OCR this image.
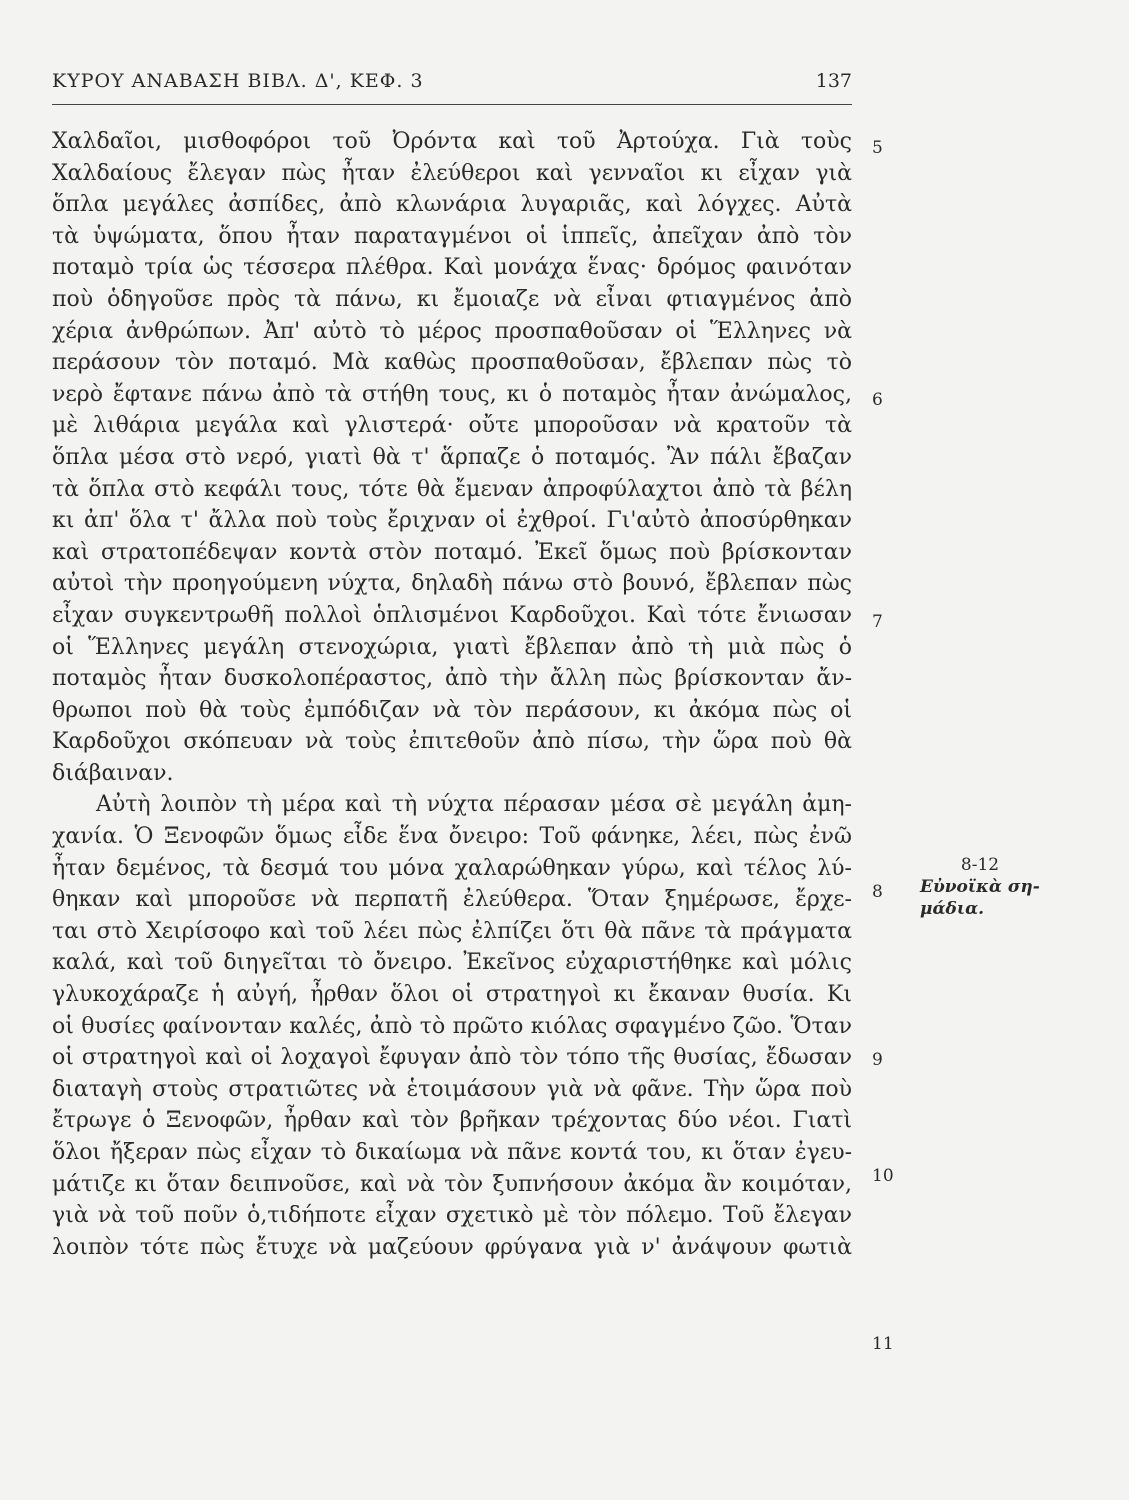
ΚΥΡΟΥ ΑΝΑΒΑΣΗ ΒΙΒΛ. Δ', ΚΕΦ. 3	137
Χαλδαῖοι, μισθοφόροι τοῦ Ὀρόντα καὶ τοῦ Ἀρτούχα. Γιὰ τοὺς
Χαλδαίους ἔλεγαν πὼς ἦταν ἐλεύθεροι καὶ γενναῖοι κι εἶχαν γιὰ
ὅπλα μεγάλες ἀσπίδες, ἀπὸ κλωνάρια λυγαριᾶς, καὶ λόγχες. Αὐτὰ
τὰ ὑψώματα, ὅπου ἦταν παραταγμένοι οἱ ἱππεῖς, ἀπεῖχαν ἀπὸ τὸν
ποταμὸ τρία ὡς τέσσερα πλέθρα. Καὶ μονάχα ἕνας· δρόμος φαινόταν
ποὺ ὁδηγοῦσε πρὸς τὰ πάνω, κι ἔμοιαζε νὰ εἶναι φτιαγμένος ἀπὸ
χέρια ἀνθρώπων. Ἀπ' αὐτὸ τὸ μέρος προσπαθοῦσαν οἱ Ἕλληνες νὰ
περάσουν τὸν ποταμό. Μὰ καθὼς προσπαθοῦσαν, ἔβλεπαν πὼς τὸ
νερὸ ἔφτανε πάνω ἀπὸ τὰ στήθη τους, κι ὁ ποταμὸς ἦταν ἀνώμαλος,
μὲ λιθάρια μεγάλα καὶ γλιστερά· οὔτε μποροῦσαν νὰ κρατοῦν τὰ
ὅπλα μέσα στὸ νερό, γιατὶ θὰ τ' ἅρπαζε ὁ ποταμός. Ἂν πάλι ἔβαζαν
τὰ ὅπλα στὸ κεφάλι τους, τότε θὰ ἔμεναν ἀπροφύλαχτοι ἀπὸ τὰ βέλη
κι ἀπ' ὅλα τ' ἄλλα ποὺ τοὺς ἔριχναν οἱ ἐχθροί. Γι'αὐτὸ ἀποσύρθηκαν
καὶ στρατοπέδεψαν κοντὰ στὸν ποταμό. Ἐκεῖ ὅμως ποὺ βρίσκονταν
αὐτοὶ τὴν προηγούμενη νύχτα, δηλαδὴ πάνω στὸ βουνό, ἔβλεπαν πὼς
εἶχαν συγκεντρωθῆ πολλοὶ ὁπλισμένοι Καρδοῦχοι. Καὶ τότε ἔνιωσαν
οἱ Ἕλληνες μεγάλη στενοχώρια, γιατὶ ἔβλεπαν ἀπὸ τὴ μιὰ πὼς ὁ
ποταμὸς ἦταν δυσκολοπέραστος, ἀπὸ τὴν ἄλλη πὼς βρίσκονταν ἄν-
θρωποι ποὺ θὰ τοὺς ἐμπόδιζαν νὰ τὸν περάσουν, κι ἀκόμα πὼς οἱ
Καρδοῦχοι σκόπευαν νὰ τοὺς ἐπιτεθοῦν ἀπὸ πίσω, τὴν ὥρα ποὺ θὰ
διάβαιναν.
Αὐτὴ λοιπὸν τὴ μέρα καὶ τὴ νύχτα πέρασαν μέσα σὲ μεγάλη ἀμη-
χανία. Ὁ Ξενοφῶν ὅμως εἶδε ἕνα ὄνειρο: Τοῦ φάνηκε, λέει, πὼς ἐνῶ
ἦταν δεμένος, τὰ δεσμά του μόνα χαλαρώθηκαν γύρω, καὶ τέλος λύ-
θηκαν καὶ μποροῦσε νὰ περπατῆ ἐλεύθερα. Ὅταν ξημέρωσε, ἔρχε-
ται στὸ Χειρίσοφο καὶ τοῦ λέει πὼς ἐλπίζει ὅτι θὰ πᾶνε τὰ πράγματα
καλά, καὶ τοῦ διηγεῖται τὸ ὄνειρο. Ἐκεῖνος εὐχαριστήθηκε καὶ μόλις
γλυκοχάραζε ἡ αὐγή, ἦρθαν ὅλοι οἱ στρατηγοὶ κι ἔκαναν θυσία. Κι
οἱ θυσίες φαίνονταν καλές, ἀπὸ τὸ πρῶτο κιόλας σφαγμένο ζῶο. Ὅταν
οἱ στρατηγοὶ καὶ οἱ λοχαγοὶ ἔφυγαν ἀπὸ τὸν τόπο τῆς θυσίας, ἔδωσαν
διαταγὴ στοὺς στρατιῶτες νὰ ἑτοιμάσουν γιὰ νὰ φᾶνε. Τὴν ὥρα ποὺ
ἔτρωγε ὁ Ξενοφῶν, ἦρθαν καὶ τὸν βρῆκαν τρέχοντας δύο νέοι. Γιατὶ
ὅλοι ἤξεραν πὼς εἶχαν τὸ δικαίωμα νὰ πᾶνε κοντά του, κι ὅταν ἐγευ-
μάτιζε κι ὅταν δειπνοῦσε, καὶ νὰ τὸν ξυπνήσουν ἀκόμα ἂν κοιμόταν,
γιὰ νὰ τοῦ ποῦν ὁ,τιδήποτε εἶχαν σχετικὸ μὲ τὸν πόλεμο. Τοῦ ἔλεγαν
λοιπὸν τότε πὼς ἔτυχε νὰ μαζεύουν φρύγανα γιὰ ν' ἀνάψουν φωτιὰ
5
6
7
8
9
10
11
8-12
Εὐνοϊκὰ ση-μάδια.
